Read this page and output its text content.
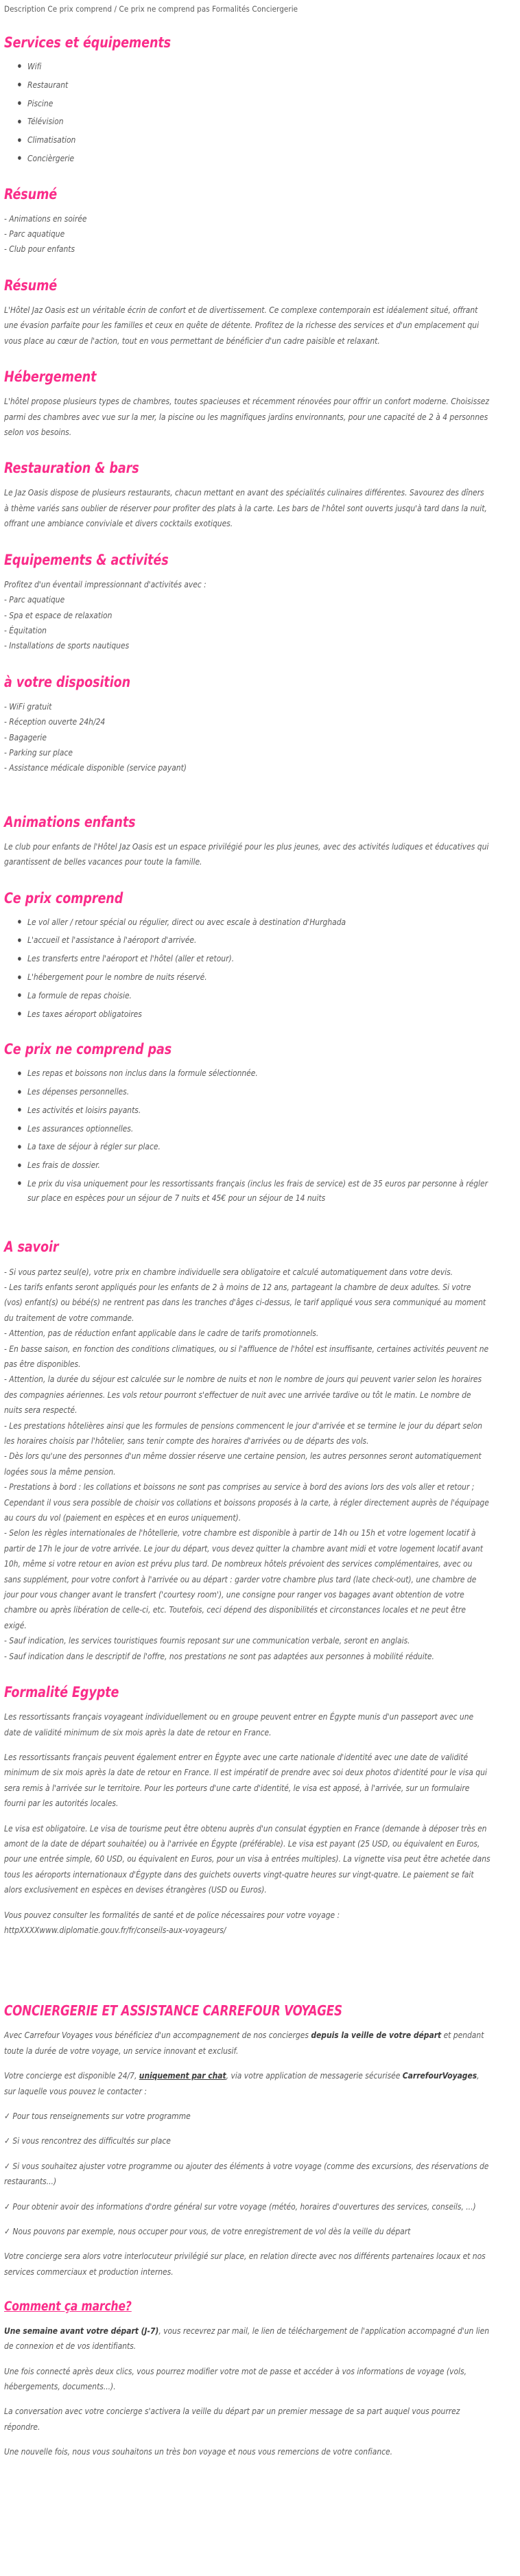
Description Ce prix comprend / Ce prix ne comprend pas Formalités Conciergerie
Services et équipements
● Wifi
● Restaurant
● Piscine
● Télévision
● Climatisation
● Concièrgerie
Résumé

- Animations en soirée

- Parc aquatique

- Club pour enfants

Résumé

L'Hôtel Jaz Oasis est un véritable écrin de confort et de divertissement. Ce complexe contemporain est idéalement situé, offrant une évasion parfaite pour les familles et ceux en quête de détente. Profitez de la richesse des services et d'un emplacement qui vous place au cœur de l'action, tout en vous permettant de bénéficier d'un cadre paisible et relaxant.

Hébergement

L'hôtel propose plusieurs types de chambres, toutes spacieuses et récemment rénovées pour offrir un confort moderne. Choisissez parmi des chambres avec vue sur la mer, la piscine ou les magnifiques jardins environnants, pour une capacité de 2 à 4 personnes selon vos besoins.

Restauration & bars

Le Jaz Oasis dispose de plusieurs restaurants, chacun mettant en avant des spécialités culinaires différentes. Savourez des dîners à thème variés sans oublier de réserver pour profiter des plats à la carte. Les bars de l'hôtel sont ouverts jusqu'à tard dans la nuit, offrant une ambiance conviviale et divers cocktails exotiques.

Equipements & activités

Profitez d'un éventail impressionnant d'activités avec :

- Parc aquatique

- Spa et espace de relaxation

- Équitation

- Installations de sports nautiques

à votre disposition

- WiFi gratuit

- Réception ouverte 24h/24

- Bagagerie

- Parking sur place

- Assistance médicale disponible (service payant)

Animations enfants

Le club pour enfants de l'Hôtel Jaz Oasis est un espace privilégié pour les plus jeunes, avec des activités ludiques et éducatives qui garantissent de belles vacances pour toute la famille.

Ce prix comprend
● Le vol aller / retour spécial ou régulier, direct ou avec escale à destination d'Hurghada
● L'accueil et l'assistance à l'aéroport d'arrivée.
● Les transferts entre l'aéroport et l'hôtel (aller et retour).
● L'hébergement pour le nombre de nuits réservé.
● La formule de repas choisie.
● Les taxes aéroport obligatoires
Ce prix ne comprend pas
● Les repas et boissons non inclus dans la formule sélectionnée.
● Les dépenses personnelles.
● Les activités et loisirs payants.
● Les assurances optionnelles.
● La taxe de séjour à régler sur place.
● Les frais de dossier.
● Le prix du visa uniquement pour les ressortissants français (inclus les frais de service) est de 35 euros par personne à régler sur place en espèces pour un séjour de 7 nuits et 45€ pour un séjour de 14 nuits
A savoir

- Si vous partez seul(e), votre prix en chambre individuelle sera obligatoire et calculé automatiquement dans votre devis.

- Les tarifs enfants seront appliqués pour les enfants de 2 à moins de 12 ans, partageant la chambre de deux adultes. Si votre (vos) enfant(s) ou bébé(s) ne rentrent pas dans les tranches d'âges ci-dessus, le tarif appliqué vous sera communiqué au moment du traitement de votre commande.

- Attention, pas de réduction enfant applicable dans le cadre de tarifs promotionnels.

- En basse saison, en fonction des conditions climatiques, ou si l'affluence de l'hôtel est insuffisante, certaines activités peuvent ne pas être disponibles.

- Attention, la durée du séjour est calculée sur le nombre de nuits et non le nombre de jours qui peuvent varier selon les horaires des compagnies aériennes. Les vols retour pourront s'effectuer de nuit avec une arrivée tardive ou tôt le matin. Le nombre de nuits sera respecté.

- Les prestations hôtelières ainsi que les formules de pensions commencent le jour d'arrivée et se termine le jour du départ selon les horaires choisis par l'hôtelier, sans tenir compte des horaires d'arrivées ou de départs des vols.

- Dès lors qu'une des personnes d'un même dossier réserve une certaine pension, les autres personnes seront automatiquement logées sous la même pension.

- Prestations à bord : les collations et boissons ne sont pas comprises au service à bord des avions lors des vols aller et retour ; Cependant il vous sera possible de choisir vos collations et boissons proposés à la carte, à régler directement auprès de l'équipage au cours du vol (paiement en espèces et en euros uniquement).

- Selon les règles internationales de l'hôtellerie, votre chambre est disponible à partir de 14h ou 15h et votre logement locatif à partir de 17h le jour de votre arrivée. Le jour du départ, vous devez quitter la chambre avant midi et votre logement locatif avant 10h, même si votre retour en avion est prévu plus tard. De nombreux hôtels prévoient des services complémentaires, avec ou sans supplément, pour votre confort à l'arrivée ou au départ : garder votre chambre plus tard (late check-out), une chambre de jour pour vous changer avant le transfert ('courtesy room'), une consigne pour ranger vos bagages avant obtention de votre chambre ou après libération de celle-ci, etc. Toutefois, ceci dépend des disponibilités et circonstances locales et ne peut être exigé.

- Sauf indication, les services touristiques fournis reposant sur une communication verbale, seront en anglais.

- Sauf indication dans le descriptif de l'offre, nos prestations ne sont pas adaptées aux personnes à mobilité réduite.

Formalité Egypte

Les ressortissants français voyageant individuellement ou en groupe peuvent entrer en Égypte munis d'un passeport avec une date de validité minimum de six mois après la date de retour en France.

Les ressortissants français peuvent également entrer en Égypte avec une carte nationale d'identité avec une date de validité minimum de six mois après la date de retour en France. Il est impératif de prendre avec soi deux photos d'identité pour le visa qui sera remis à l'arrivée sur le territoire. Pour les porteurs d'une carte d'identité, le visa est apposé, à l'arrivée, sur un formulaire fourni par les autorités locales.

Le visa est obligatoire. Le visa de tourisme peut être obtenu auprès d'un consulat égyptien en France (demande à déposer très en amont de la date de départ souhaitée) ou à l'arrivée en Égypte (préférable). Le visa est payant (25 USD, ou équivalent en Euros, pour une entrée simple, 60 USD, ou équivalent en Euros, pour un visa à entrées multiples). La vignette visa peut être achetée dans tous les aéroports internationaux d'Égypte dans des guichets ouverts vingt-quatre heures sur vingt-quatre. Le paiement se fait alors exclusivement en espèces en devises étrangères (USD ou Euros).

Vous pouvez consulter les formalités de santé et de police nécessaires pour votre voyage :

httpXXXXwww.diplomatie.gouv.fr/fr/conseils-aux-voyageurs/

CONCIERGERIE ET ASSISTANCE CARREFOUR VOYAGES

Avec Carrefour Voyages vous bénéficiez d'un accompagnement de nos concierges depuis la veille de votre départ et pendant toute la durée de votre voyage, un service innovant et exclusif.

Votre concierge est disponible 24/7, uniquement par chat, via votre application de messagerie sécurisée CarrefourVoyages, sur laquelle vous pouvez le contacter :

✓ Pour tous renseignements sur votre programme

✓ Si vous rencontrez des difficultés sur place

✓ Si vous souhaitez ajuster votre programme ou ajouter des éléments à votre voyage (comme des excursions, des réservations de restaurants...)

✓ Pour obtenir avoir des informations d'ordre général sur votre voyage (météo, horaires d'ouvertures des services, conseils, ...)

✓ Nous pouvons par exemple, nous occuper pour vous, de votre enregistrement de vol dès la veille du départ

Votre concierge sera alors votre interlocuteur privilégié sur place, en relation directe avec nos différents partenaires locaux et nos services commerciaux et production internes.

Comment ça marche?

Une semaine avant votre départ (J-7), vous recevrez par mail, le lien de téléchargement de l'application accompagné d'un lien de connexion et de vos identifiants.

Une fois connecté après deux clics, vous pourrez modifier votre mot de passe et accéder à vos informations de voyage (vols, hébergements, documents...).

La conversation avec votre concierge s'activera la veille du départ par un premier message de sa part auquel vous pourrez répondre.

Une nouvelle fois, nous vous souhaitons un très bon voyage et nous vous remercions de votre confiance.
